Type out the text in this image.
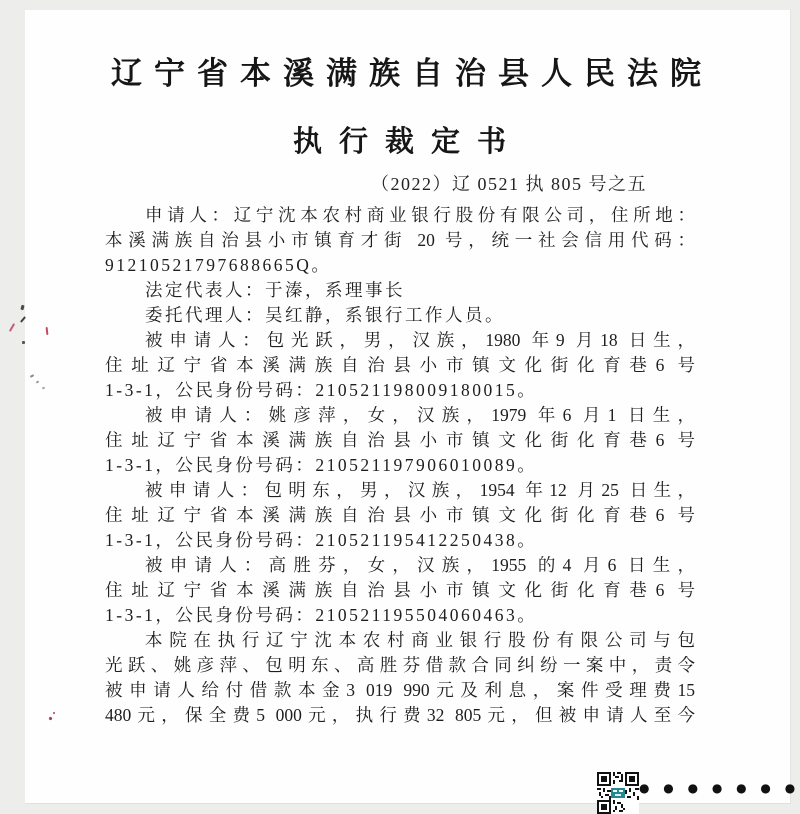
辽宁省本溪满族自治县人民法院
执行裁定书
（2022）辽 0521 执 805 号之五
申请人：辽宁沈本农村商业银行股份有限公司，住所地：
本溪满族自治县小市镇育才街 20 号，统一社会信用代码：
91210521797688665Q。
法定代表人：于溱，系理事长
委托代理人：吴红静，系银行工作人员。
被申请人：包光跃，男，汉族，1980 年9 月18 日生，
住址辽宁省本溪满族自治县小市镇文化街化育巷6 号
1-3-1，公民身份号码：210521198009180015。
被申请人：姚彦萍，女，汉族，1979 年6 月1 日生，
住址辽宁省本溪满族自治县小市镇文化街化育巷6 号
1-3-1，公民身份号码：210521197906010089。
被申请人：包明东，男，汉族，1954 年12 月25 日生，
住址辽宁省本溪满族自治县小市镇文化街化育巷6 号
1-3-1，公民身份号码：210521195412250438。
被申请人：高胜芬，女，汉族，1955 的4 月6 日生，
住址辽宁省本溪满族自治县小市镇文化街化育巷6 号
1-3-1，公民身份号码：210521195504060463。
本院在执行辽宁沈本农村商业银行股份有限公司与包
光跃、姚彦萍、包明东、高胜芬借款合同纠纷一案中，责令
被申请人给付借款本金3 019 990元及利息，案件受理费15
480元，保全费5 000元，执行费32 805元，但被申请人至今
● ● ● ● ● ● ●
